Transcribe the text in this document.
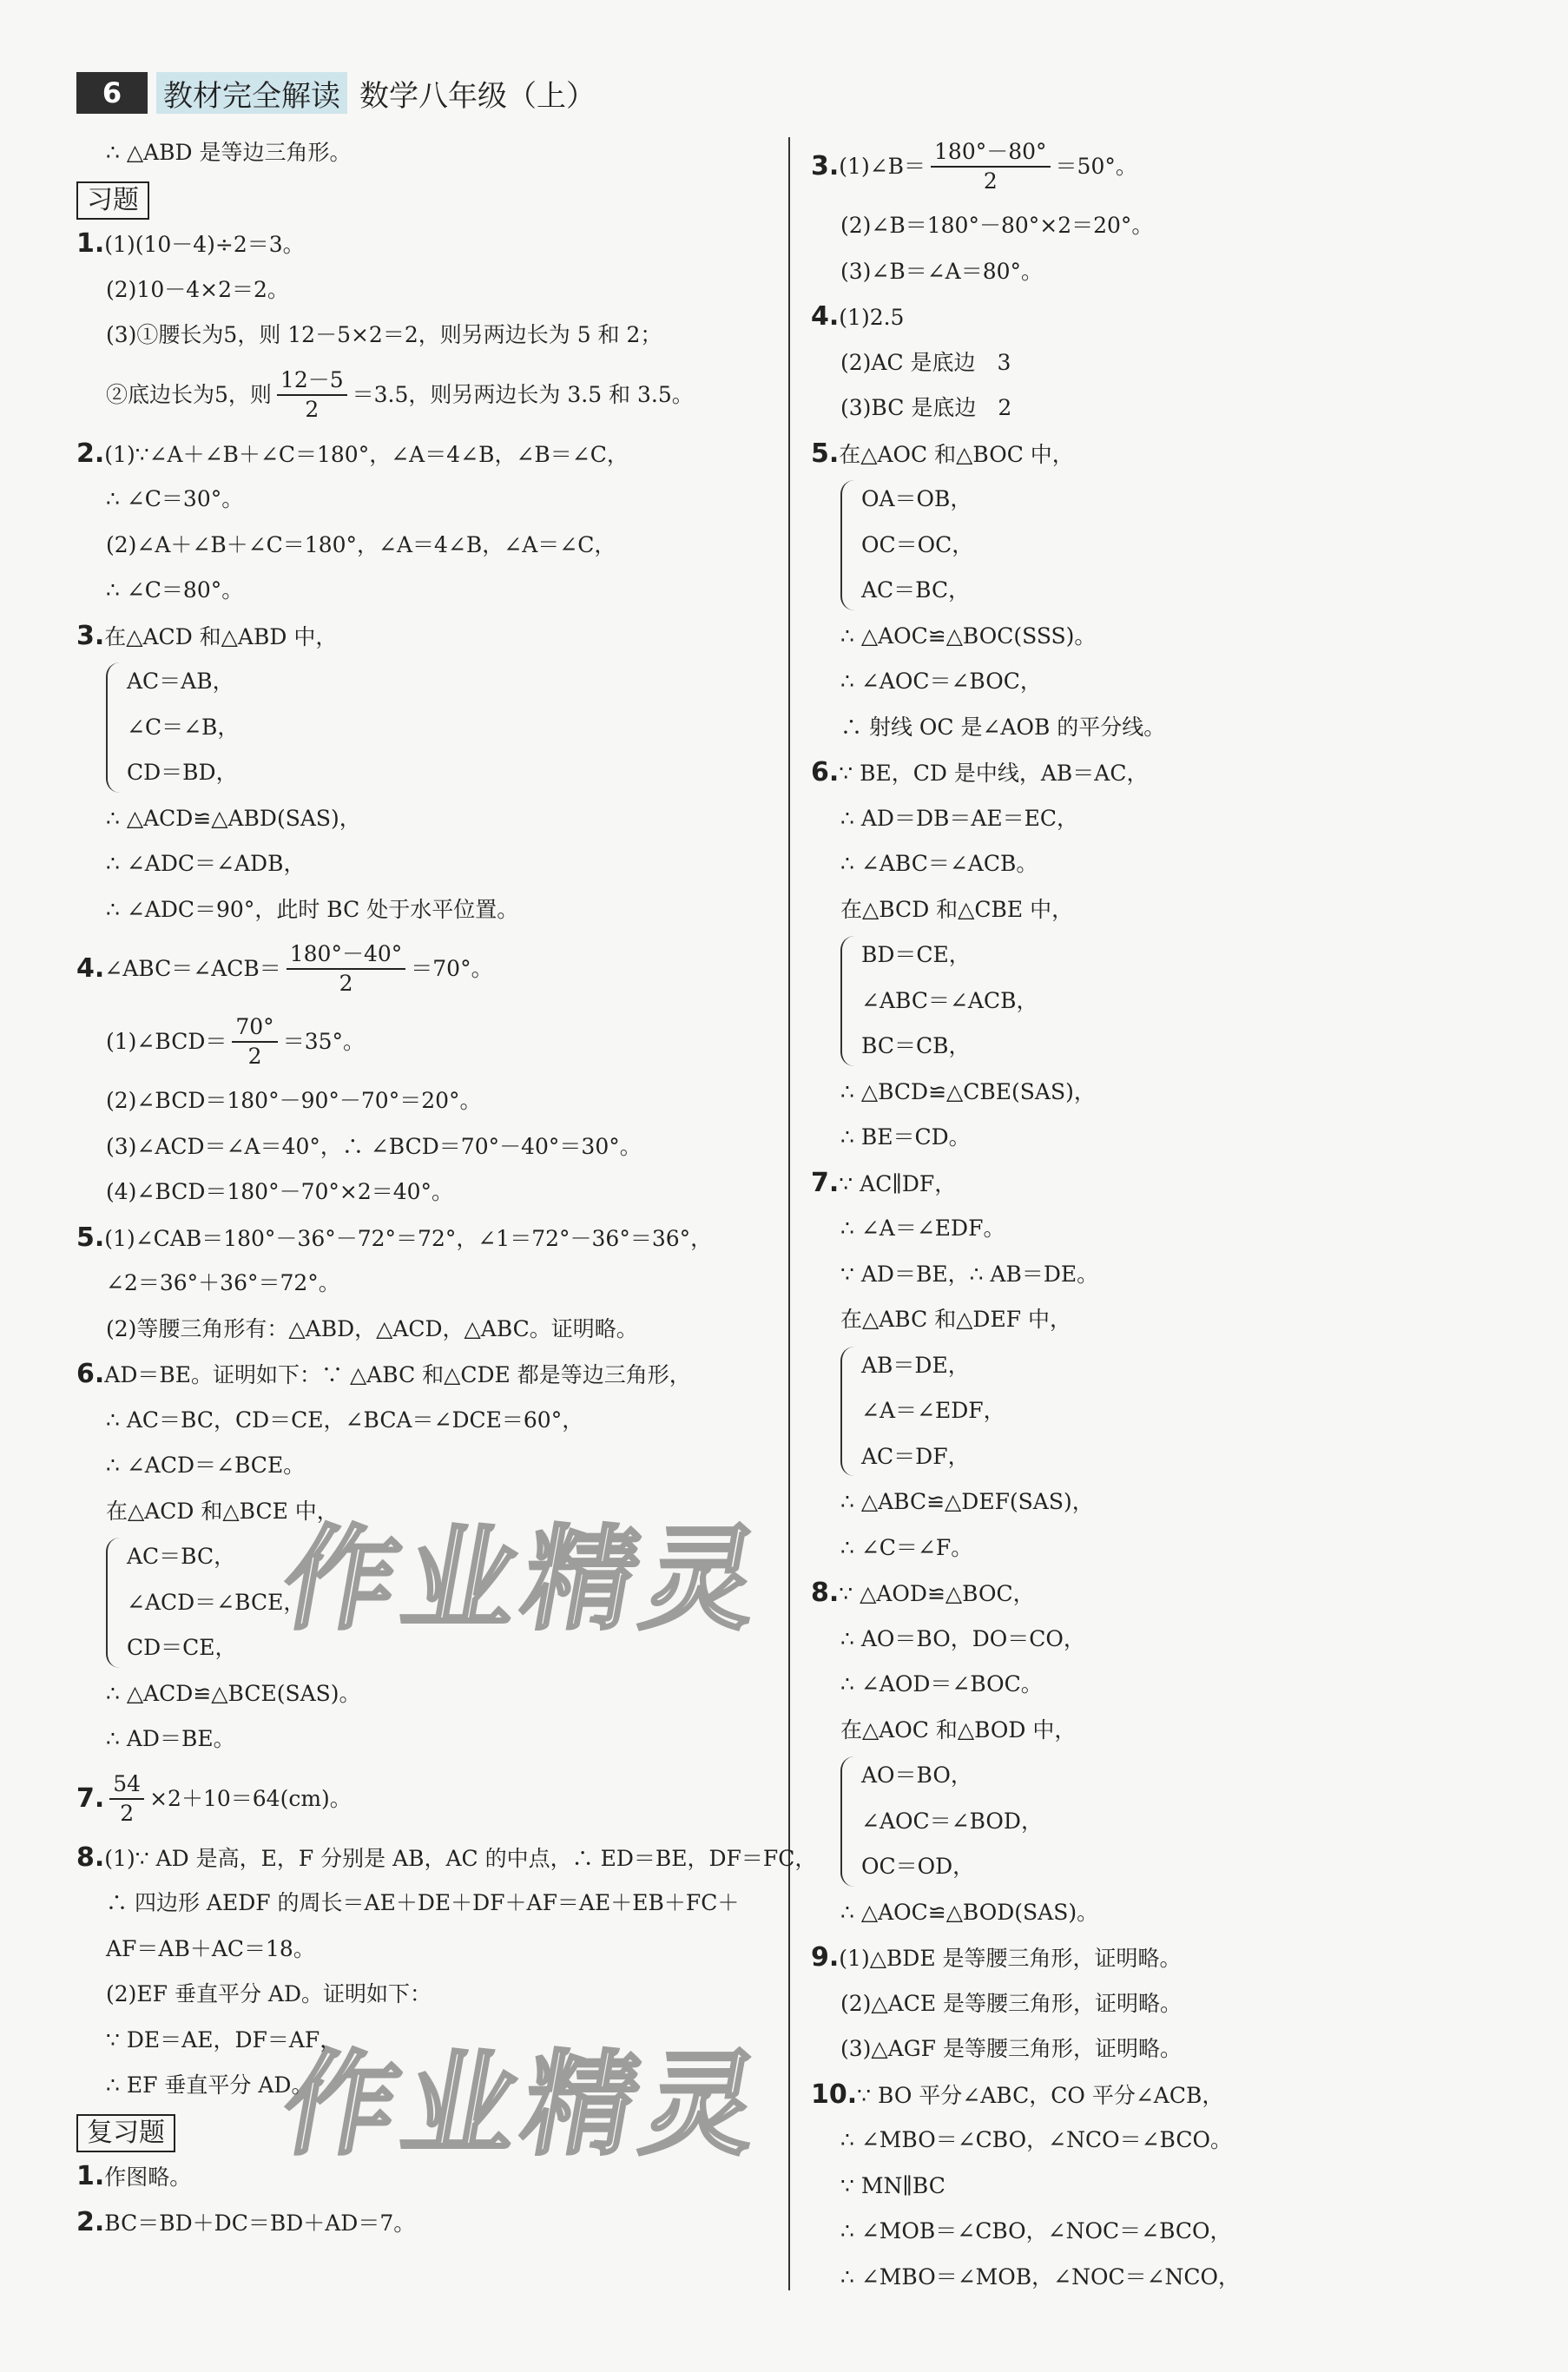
6	教材完全解读 数学八年级（上）
∴ △ABD 是等边三角形。
习题
1.(1)(10－4)÷2＝3。
(2)10－4×2＝2。
(3)①腰长为5，则 12－5×2＝2，则另两边长为 5 和 2；
②底边长为5，则 $\frac{12-5}{2} =3.5$，则另两边长为 3.5 和 3.5。
2.(1)∵∠A＋∠B＋∠C＝180°，∠A＝4∠B，∠B＝∠C，
∴ ∠C＝30°。
(2)∠A＋∠B＋∠C＝180°，∠A＝4∠B，∠A＝∠C，
∴ ∠C＝80°。
3.在△ACD 和△ABD 中，
AC＝AB，
∠C＝∠B，
CD＝BD，
∴ △ACD≌△ABD(SAS)，
∴ ∠ADC＝∠ADB，
∴ ∠ADC＝90°，此时 BC 处于水平位置。
4. ∠ABC＝∠ACB＝ $\frac{180^\circ-40^\circ}{2} =70^\circ$。
(1)∠BCD＝ $\frac{70^\circ}{2} =35^\circ$。
(2)∠BCD＝180°－90°－70°＝20°。
(3)∠ACD＝∠A＝40°，∴ ∠BCD＝70°－40°＝30°。
(4)∠BCD＝180°－70°×2＝40°。
5.(1)∠CAB＝180°－36°－72°＝72°，∠1＝72°－36°＝36°，
∠2＝36°＋36°＝72°。
(2)等腰三角形有：△ABD，△ACD，△ABC。证明略。
6.AD＝BE。证明如下：∵ △ABC 和△CDE 都是等边三角形，
∴ AC＝BC，CD＝CE，∠BCA＝∠DCE＝60°，
∴ ∠ACD＝∠BCE。
在△ACD 和△BCE 中，
AC＝BC，
∠ACD＝∠BCE，
CD＝CE，
∴ △ACD≌△BCE(SAS)。
∴ AD＝BE。
7. $\frac{54}{2} \times 2+10=64(cm)$。
8.(1)∵ AD 是高，E，F 分别是 AB，AC 的中点，∴ ED＝BE，DF＝FC，
∴ 四边形 AEDF 的周长＝AE＋DE＋DF＋AF＝AE＋EB＋FC＋
AF＝AB＋AC＝18。
(2)EF 垂直平分 AD。证明如下：
∵ DE＝AE，DF＝AF，
∴ EF 垂直平分 AD。
复习题
1.作图略。
2.BC＝BD＋DC＝BD＋AD＝7。
3. (1)∠B＝ $\frac{180^\circ-80^\circ}{2} =50^\circ$。
(2)∠B＝180°－80°×2＝20°。
(3)∠B＝∠A＝80°。
4.(1)2.5
(2)AC 是底边　3
(3)BC 是底边　2
5.在△AOC 和△BOC 中，
OA＝OB，
OC＝OC，
AC＝BC，
∴ △AOC≌△BOC(SSS)。
∴ ∠AOC＝∠BOC，
∴ 射线 OC 是∠AOB 的平分线。
6.∵ BE，CD 是中线，AB＝AC，
∴ AD＝DB＝AE＝EC，
∴ ∠ABC＝∠ACB。
在△BCD 和△CBE 中，
BD＝CE，
∠ABC＝∠ACB，
BC＝CB，
∴ △BCD≌△CBE(SAS)，
∴ BE＝CD。
7.∵ AC∥DF，
∴ ∠A＝∠EDF。
∵ AD＝BE，∴ AB＝DE。
在△ABC 和△DEF 中，
AB＝DE，
∠A＝∠EDF，
AC＝DF，
∴ △ABC≌△DEF(SAS)，
∴ ∠C＝∠F。
8.∵ △AOD≌△BOC，
∴ AO＝BO，DO＝CO，
∴ ∠AOD＝∠BOC。
在△AOC 和△BOD 中，
AO＝BO，
∠AOC＝∠BOD，
OC＝OD，
∴ △AOC≌△BOD(SAS)。
9.(1)△BDE 是等腰三角形，证明略。
(2)△ACE 是等腰三角形，证明略。
(3)△AGF 是等腰三角形，证明略。
10.∵ BO 平分∠ABC，CO 平分∠ACB，
∴ ∠MBO＝∠CBO，∠NCO＝∠BCO。
∵ MN∥BC
∴ ∠MOB＝∠CBO，∠NOC＝∠BCO，
∴ ∠MBO＝∠MOB，∠NOC＝∠NCO，
作业精灵
作业精灵
